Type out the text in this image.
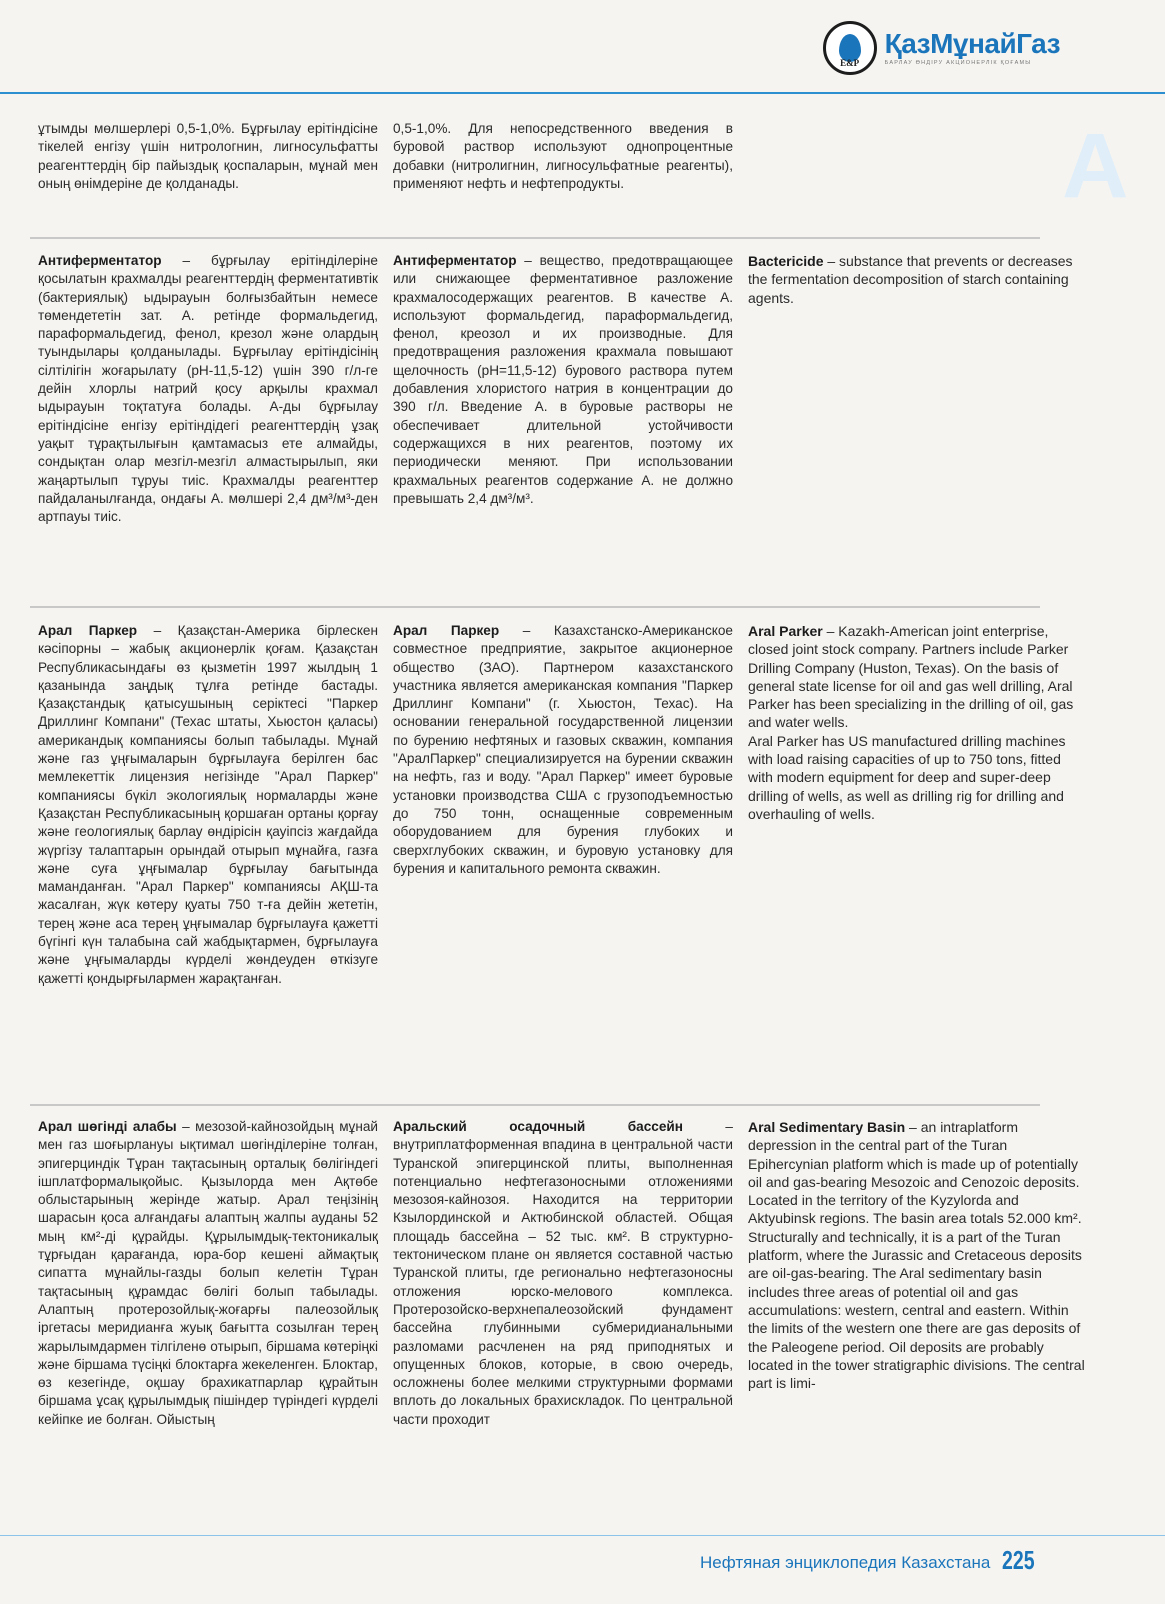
E&P
ҚазМұнайГаз
БАРЛАУ ӨНДІРУ АКЦИОНЕРЛІК ҚОҒАМЫ
А
ұтымды мөлшерлері 0,5-1,0%. Бұрғылау ерітіндісіне тікелей енгізу үшін нитрологнин, лигносульфатты реагенттердің бір пайыздық қоспаларын, мұнай мен оның өнімдеріне де қолданады.
0,5-1,0%. Для непосредственного введения в буровой раствор используют однопроцентные добавки (нитролигнин, лигносульфатные реагенты), применяют нефть и нефтепродукты.
Антиферментатор – бұрғылау ерітінділеріне қосылатын крахмалды реагенттердің ферментативтік (бактериялық) ыдырауын болғызбайтын немесе төмендететін зат. А. ретінде формальдегид, параформальдегид, фенол, крезол және олардың туындылары қолданылады. Бұрғылау ерітіндісінің сілтілігін жоғарылату (рН-11,5-12) үшін 390 г/л-ге дейін хлорлы натрий қосу арқылы крахмал ыдырауын тоқтатуға болады. А-ды бұрғылау ерітіндісіне енгізу ерітіндідегі реагенттердің ұзақ уақыт тұрақтылығын қамтамасыз ете алмайды, сондықтан олар мезгіл-мезгіл алмастырылып, яки жаңартылып тұруы тиіс. Крахмалды реагенттер пайдаланылғанда, ондағы А. мөлшері 2,4 дм³/м³-ден артпауы тиіс.
Антиферментатор – вещество, предотвращающее или снижающее ферментативное разложение крахмалосодержащих реагентов. В качестве А. используют формальдегид, параформальдегид, фенол, креозол и их производные. Для предотвращения разложения крахмала повышают щелочность (pH=11,5-12) бурового раствора путем добавления хлористого натрия в концентрации до 390 г/л. Введение А. в буровые растворы не обеспечивает длительной устойчивости содержащихся в них реагентов, поэтому их периодически меняют. При использовании крахмальных реагентов содержание А. не должно превышать 2,4 дм³/м³.
Bactericide – substance that prevents or decreases the fermentation decomposition of starch containing agents.
Арал Паркер – Қазақстан-Америка бірлескен кәсіпорны – жабық акционерлік қоғам. Қазақстан Республикасындағы өз қызметін 1997 жылдың 1 қазанында заңдық тұлға ретінде бастады. Қазақстандық қатысушының серіктесі "Паркер Дриллинг Компани" (Техас штаты, Хьюстон қаласы) американдық компаниясы болып табылады. Мұнай және газ ұңғымаларын бұрғылауға берілген бас мемлекеттік лицензия негізінде "Арал Паркер" компаниясы бүкіл экологиялық нормаларды және Қазақстан Республикасының қоршаған ортаны қорғау және геологиялық барлау өндірісін қауіпсіз жағдайда жүргізу талаптарын орындай отырып мұнайға, газға және суға ұңғымалар бұрғылау бағытында маманданған. "Арал Паркер" компаниясы АҚШ-та жасалған, жүк көтеру қуаты 750 т-ға дейін жететін, терең және аса терең ұңғымалар бұрғылауға қажетті бүгінгі күн талабына сай жабдықтармен, бұрғылауға және ұңғымаларды күрделі жөндеуден өткізуге қажетті қондырғылармен жарақтанған.
Арал Паркер – Казахстанско-Американское совместное предприятие, закрытое акционерное общество (ЗАО). Партнером казахстанского участника является американская компания "Паркер Дриллинг Компани" (г. Хьюстон, Техас). На основании генеральной государственной лицензии по бурению нефтяных и газовых скважин, компания "АралПаркер" специализируется на бурении скважин на нефть, газ и воду. "Арал Паркер" имеет буровые установки производства США с грузоподъемностью до 750 тонн, оснащенные современным оборудованием для бурения глубоких и сверхглубоких скважин, и буровую установку для бурения и капитального ремонта скважин.
Aral Parker – Kazakh-American joint enterprise, closed joint stock company. Partners include Parker Drilling Company (Huston, Texas). On the basis of general state license for oil and gas well drilling, Aral Parker has been specializing in the drilling of oil, gas and water wells.
Aral Parker has US manufactured drilling machines with load raising capacities of up to 750 tons, fitted with modern equipment for deep and super-deep drilling of wells, as well as drilling rig for drilling and overhauling of wells.
Арал шөгінді алабы – мезозой-кайнозойдың мұнай мен газ шоғырлануы ықтимал шөгінділеріне толған, эпигерциндік Тұран тақтасының орталық бөлігіндегі ішплатформалықойыс. Қызылорда мен Ақтөбе облыстарының жерінде жатыр. Арал теңізінің шарасын қоса алғандағы алаптың жалпы ауданы 52 мың км²-ді құрайды. Құрылымдық-тектоникалық тұрғыдан қарағанда, юра-бор кешені аймақтық сипатта мұнайлы-газды болып келетін Тұран тақтасының құрамдас бөлігі болып табылады. Алаптың протерозойлық-жоғарғы палеозойлық іргетасы меридианға жуық бағытта созылған терең жарылымдармен тілгіленө отырып, біршама көтеріңкі және біршама түсіңкі блоктарға жекеленген. Блоктар, өз кезегінде, оқшау брахикатпарлар құрайтын біршама ұсақ құрылымдық пішіндер түріндегі күрделі кейіпке ие болған. Ойыстың
Аральский осадочный бассейн – внутриплатформенная впадина в центральной части Туранской эпигерцинской плиты, выполненная потенциально нефтегазоносными отложениями мезозоя-кайнозоя. Находится на территории Кзылординской и Актюбинской областей. Общая площадь бассейна – 52 тыс. км². В структурно-тектоническом плане он является составной частью Туранской плиты, где регионально нефтегазоносны отложения юрско-мелового комплекса. Протерозойско-верхнепалеозойский фундамент бассейна глубинными субмеридианальными разломами расчленен на ряд приподнятых и опущенных блоков, которые, в свою очередь, осложнены более мелкими структурными формами вплоть до локальных брахискладок. По центральной части проходит
Aral Sedimentary Basin – an intraplatform depression in the central part of the Turan Epihercynian platform which is made up of potentially oil and gas-bearing Mesozoic and Cenozoic deposits. Located in the territory of the Kyzylorda and Aktyubinsk regions. The basin area totals 52.000 km². Structurally and technically, it is a part of the Turan platform, where the Jurassic and Cretaceous deposits are oil-gas-bearing. The Aral sedimentary basin includes three areas of potential oil and gas accumulations: western, central and eastern. Within the limits of the western one there are gas deposits of the Paleogene period. Oil deposits are probably located in the tower stratigraphic divisions. The central part is limi-
Нефтяная энциклопедия Казахстана 225
